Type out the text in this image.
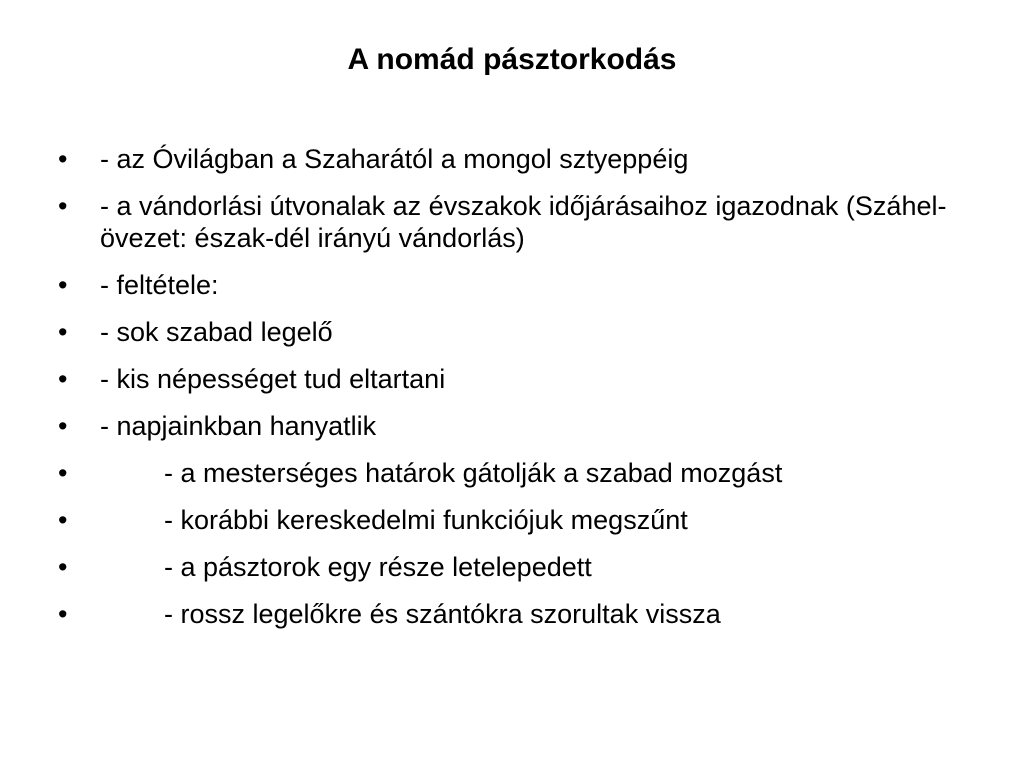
A nomád pásztorkodás
•	- az Óvilágban a Szaharától a mongol sztyeppéig
•	- a vándorlási útvonalak az évszakok időjárásaihoz igazodnak (Száhel-övezet: észak-dél irányú vándorlás)
•	- feltétele:
•	- sok szabad legelő
•	- kis népességet tud eltartani
•	- napjainkban hanyatlik
•	- a mesterséges határok gátolják a szabad mozgást
•	- korábbi kereskedelmi funkciójuk megszűnt
•	- a pásztorok egy része letelepedett
•	- rossz legelőkre és szántókra szorultak vissza
